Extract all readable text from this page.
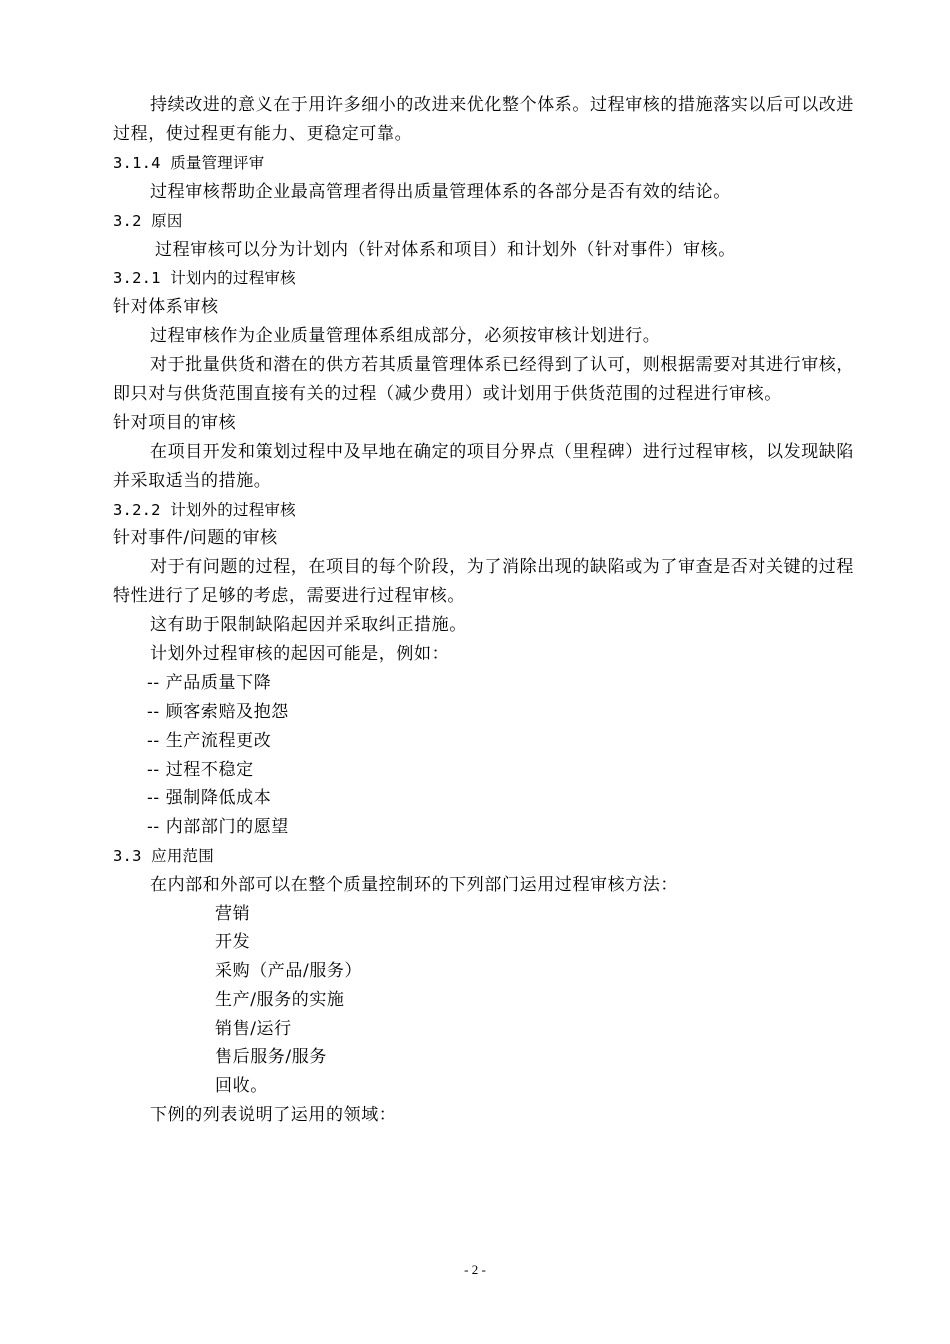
持续改进的意义在于用许多细小的改进来优化整个体系。过程审核的措施落实以后可以改进
过程，使过程更有能力、更稳定可靠。
3.1.4 质量管理评审
过程审核帮助企业最高管理者得出质量管理体系的各部分是否有效的结论。
3.2 原因
过程审核可以分为计划内（针对体系和项目）和计划外（针对事件）审核。
3.2.1 计划内的过程审核
针对体系审核
过程审核作为企业质量管理体系组成部分，必须按审核计划进行。
对于批量供货和潜在的供方若其质量管理体系已经得到了认可，则根据需要对其进行审核，
即只对与供货范围直接有关的过程（减少费用）或计划用于供货范围的过程进行审核。
针对项目的审核
在项目开发和策划过程中及早地在确定的项目分界点（里程碑）进行过程审核，以发现缺陷
并采取适当的措施。
3.2.2 计划外的过程审核
针对事件/问题的审核
对于有问题的过程，在项目的每个阶段，为了消除出现的缺陷或为了审查是否对关键的过程
特性进行了足够的考虑，需要进行过程审核。
这有助于限制缺陷起因并采取纠正措施。
计划外过程审核的起因可能是，例如：
-- 产品质量下降
-- 顾客索赔及抱怨
-- 生产流程更改
-- 过程不稳定
-- 强制降低成本
-- 内部部门的愿望
3.3 应用范围
在内部和外部可以在整个质量控制环的下列部门运用过程审核方法：
营销
开发
采购（产品/服务）
生产/服务的实施
销售/运行
售后服务/服务
回收。
下例的列表说明了运用的领域：
- 2 -
